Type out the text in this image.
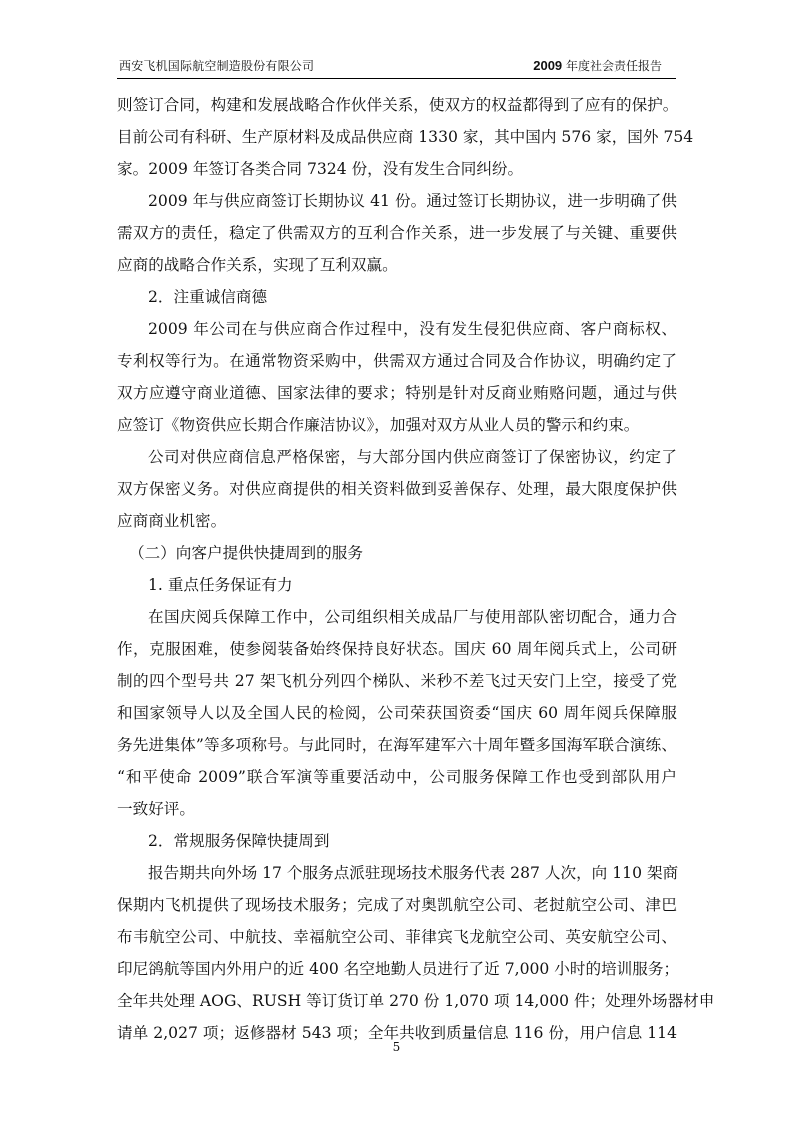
西安飞机国际航空制造股份有限公司	2009 年度社会责任报告
则签订合同，构建和发展战略合作伙伴关系，使双方的权益都得到了应有的保护。
目前公司有科研、生产原材料及成品供应商 1330 家，其中国内 576 家，国外 754
家。2009 年签订各类合同 7324 份，没有发生合同纠纷。
2009 年与供应商签订长期协议 41 份。通过签订长期协议，进一步明确了供
需双方的责任，稳定了供需双方的互利合作关系，进一步发展了与关键、重要供
应商的战略合作关系，实现了互利双赢。
2．注重诚信商德
2009 年公司在与供应商合作过程中，没有发生侵犯供应商、客户商标权、
专利权等行为。在通常物资采购中，供需双方通过合同及合作协议，明确约定了
双方应遵守商业道德、国家法律的要求；特别是针对反商业贿赂问题，通过与供
应签订《物资供应长期合作廉洁协议》，加强对双方从业人员的警示和约束。
公司对供应商信息严格保密，与大部分国内供应商签订了保密协议，约定了
双方保密义务。对供应商提供的相关资料做到妥善保存、处理，最大限度保护供
应商商业机密。
（二）向客户提供快捷周到的服务
1. 重点任务保证有力
在国庆阅兵保障工作中，公司组织相关成品厂与使用部队密切配合，通力合
作，克服困难，使参阅装备始终保持良好状态。国庆 60 周年阅兵式上，公司研
制的四个型号共 27 架飞机分列四个梯队、米秒不差飞过天安门上空，接受了党
和国家领导人以及全国人民的检阅，公司荣获国资委“国庆 60 周年阅兵保障服
务先进集体”等多项称号。与此同时，在海军建军六十周年暨多国海军联合演练、
“和平使命 2009”联合军演等重要活动中，公司服务保障工作也受到部队用户
一致好评。
2．常规服务保障快捷周到
报告期共向外场 17 个服务点派驻现场技术服务代表 287 人次，向 110 架商
保期内飞机提供了现场技术服务；完成了对奥凯航空公司、老挝航空公司、津巴
布韦航空公司、中航技、幸福航空公司、菲律宾飞龙航空公司、英安航空公司、
印尼鹆航等国内外用户的近 400 名空地勤人员进行了近 7,000 小时的培训服务；
全年共处理 AOG、RUSH 等订货订单 270 份 1,070 项 14,000 件；处理外场器材申
请单 2,027 项；返修器材 543 项；全年共收到质量信息 116 份，用户信息 114
5
